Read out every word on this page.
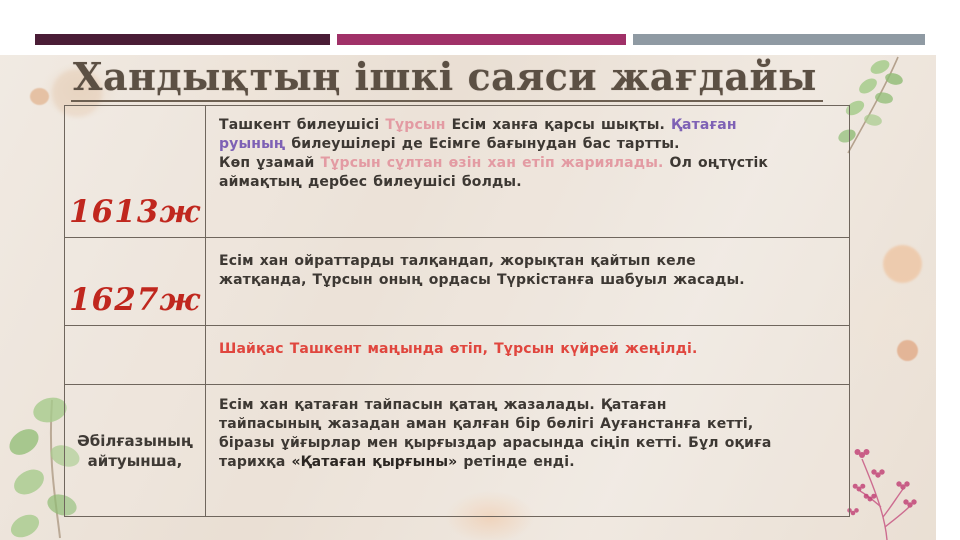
Хандықтың ішкі саяси жағдайы
1613ж
Ташкент билеушісі Тұрсын Есім ханға қарсы шықты. Қатаған
руының билеушілері де Есімге бағынудан бас тартты.
Көп ұзамай Тұрсын сұлтан өзін хан етіп жариялады. Ол оңтүстік
аймақтың дербес билеушісі болды.
1627ж
Есім хан ойраттарды талқандап, жорықтан қайтып келе
жатқанда, Тұрсын оның ордасы Түркістанға шабуыл жасады.
Шайқас Ташкент маңында өтіп, Тұрсын күйрей жеңілді.
Әбілғазының
айтуынша,
Есім хан қатаған тайпасын қатаң жазалады. Қатаған
тайпасының жазадан аман қалған бір бөлігі Ауғанстанға кетті,
біразы ұйғырлар мен қырғыздар арасында сіңіп кетті. Бұл оқиға
тарихқа «Қатаған қырғыны» ретінде енді.
